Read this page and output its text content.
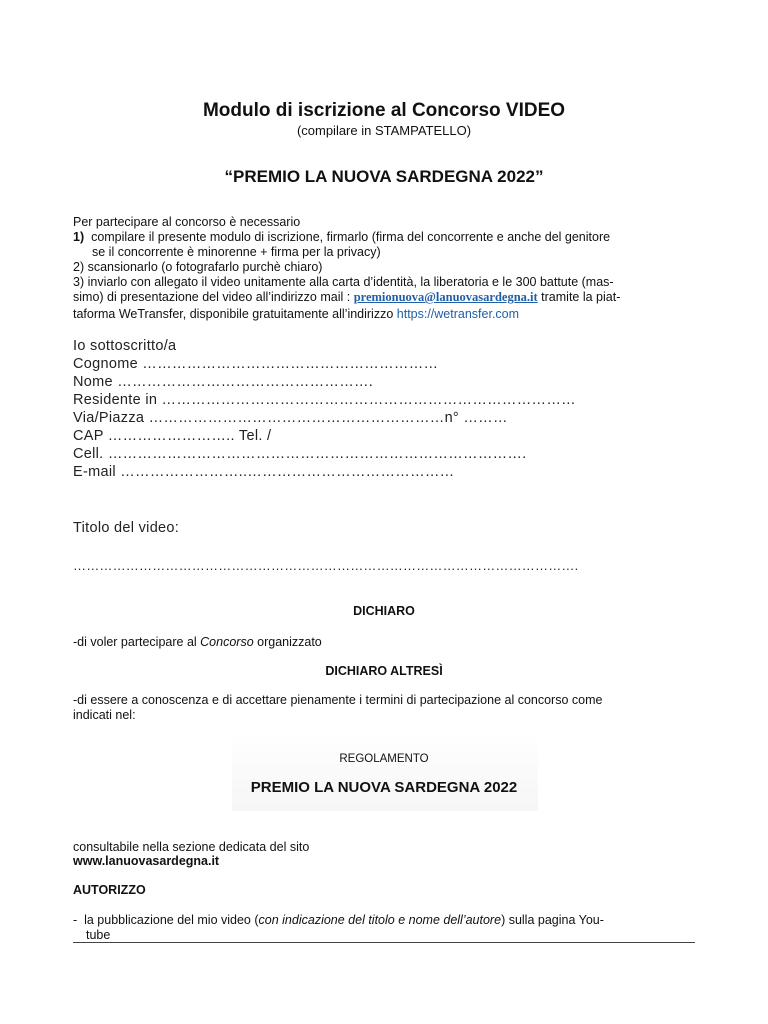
Modulo di iscrizione al Concorso VIDEO
(compilare in STAMPATELLO)
“PREMIO LA NUOVA SARDEGNA 2022”
Per partecipare al concorso è necessario
1)  compilare il presente modulo di iscrizione, firmarlo (firma del concorrente e anche del genitore
se il concorrente è minorenne + firma per la privacy)
2) scansionarlo (o fotografarlo purchè chiaro)
3) inviarlo con allegato il video unitamente alla carta d’identità, la liberatoria e le 300 battute (mas-
simo) di presentazione del video all’indirizzo mail : premionuova@lanuovasardegna.it tramite la piat-
taforma WeTransfer, disponibile gratuitamente all’indirizzo https://wetransfer.com
Io sottoscritto/a
Cognome ……………………………………………………
Nome …………………………………………….
Residente in …………………………………………………………………………
Via/Piazza ……………………………………………………n° ………
CAP …………………….. Tel. /
Cell. ………………………………………………………………………….
E-mail ……………………..……………………………………
Titolo del video:
…………………………………………………………………………………………………….
DICHIARO
-di voler partecipare al Concorso organizzato
DICHIARO ALTRESÌ
-di essere a conoscenza e di accettare pienamente i termini di partecipazione al concorso come
indicati nel:
REGOLAMENTO
PREMIO LA NUOVA SARDEGNA 2022
consultabile nella sezione dedicata del sito
www.lanuovasardegna.it
AUTORIZZO
-  la pubblicazione del mio video (con indicazione del titolo e nome dell’autore) sulla pagina You-
tube
